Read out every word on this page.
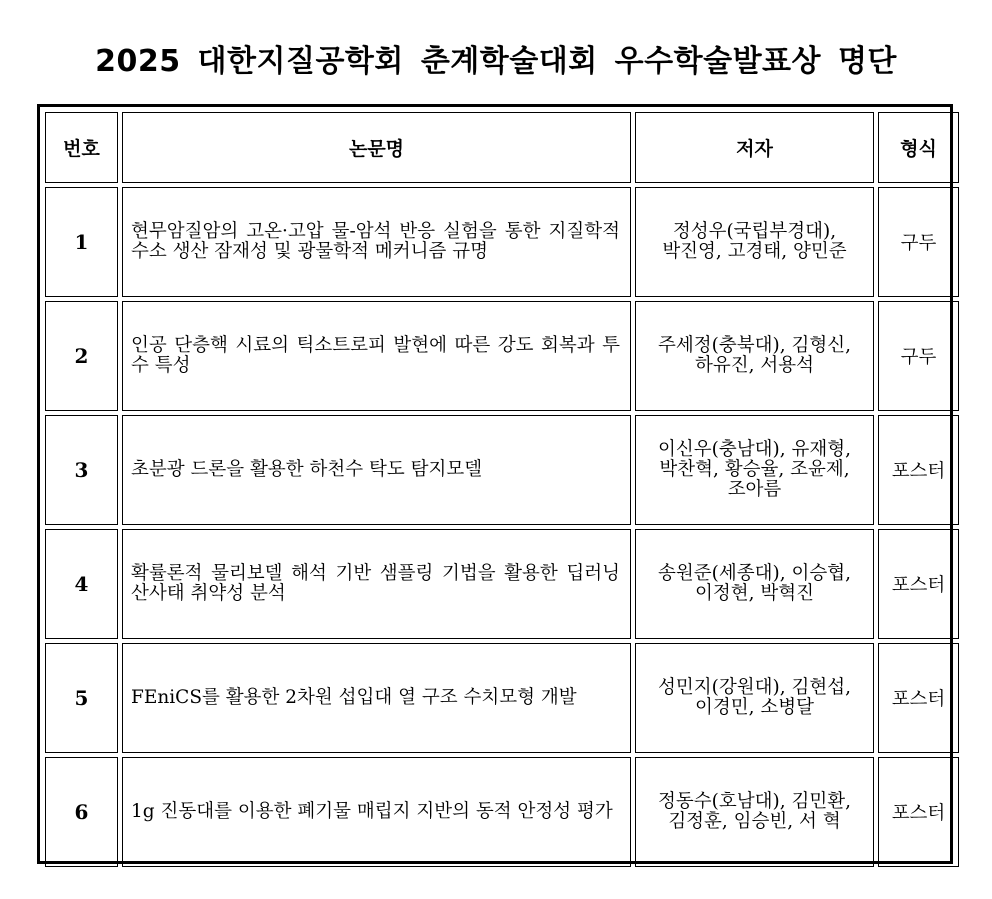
2025 대한지질공학회 춘계학술대회 우수학술발표상 명단
번호	논문명	저자	형식
1	현무암질암의 고온·고압 물-암석 반응 실험을 통한 지질학적 수소 생산 잠재성 및 광물학적 메커니즘 규명	정성우(국립부경대),
박진영, 고경태, 양민준	구두
2	인공 단층핵 시료의 틱소트로피 발현에 따른 강도 회복과 투수 특성	주세정(충북대), 김형신,
하유진, 서용석	구두
3	초분광 드론을 활용한 하천수 탁도 탐지모델	이신우(충남대), 유재형,
박찬혁, 황승율, 조윤제,
조아름	포스터
4	확률론적 물리보델 해석 기반 샘플링 기법을 활용한 딥러닝 산사태 취약성 분석	송원준(세종대), 이승협,
이정현, 박혁진	포스터
5	FEniCS를 활용한 2차원 섭입대 열 구조 수치모형 개발	성민지(강원대), 김현섭,
이경민, 소병달	포스터
6	1g 진동대를 이용한 폐기물 매립지 지반의 동적 안정성 평가	정동수(호남대), 김민환,
김정훈, 임승빈, 서 혁	포스터
